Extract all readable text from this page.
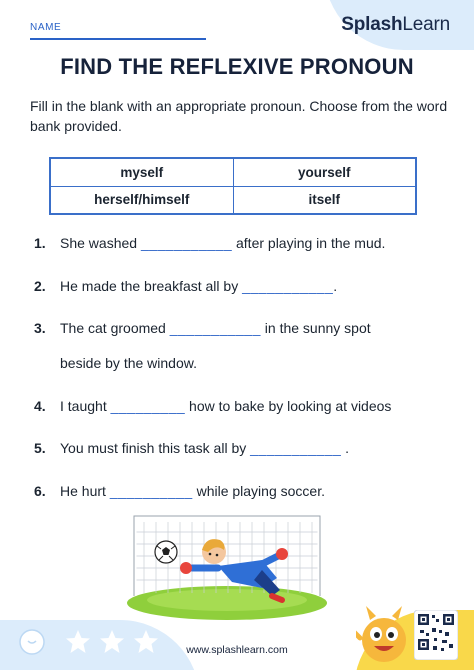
SplashLearn
NAME
FIND THE REFLEXIVE PRONOUN
Fill in the blank with an appropriate pronoun. Choose from the word bank provided.
myself	yourself
herself/himself	itself
1. She washed ___________ after playing in the mud.
2. He made the breakfast all by ___________.
3. The cat groomed ___________ in the sunny spot
beside by the window.
4. I taught _________ how to bake by looking at videos
5. You must finish this task all by ___________ .
6. He hurt __________ while playing soccer.
www.splashlearn.com
